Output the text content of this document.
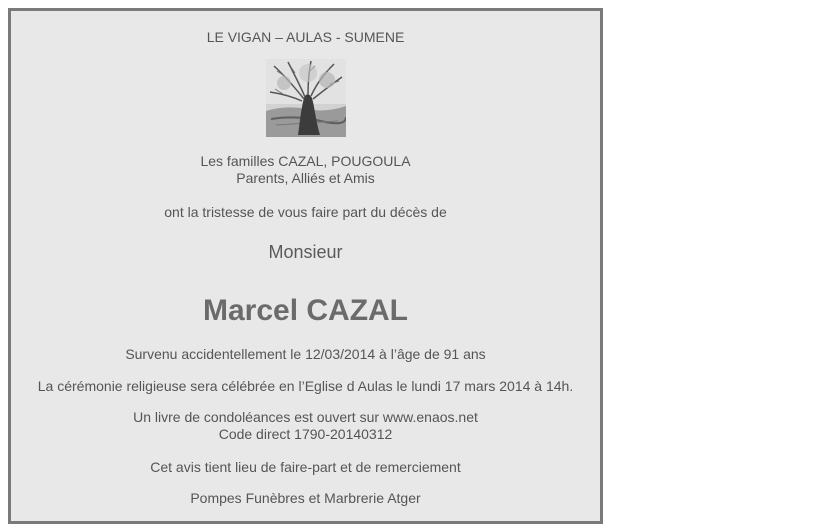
LE VIGAN – AULAS - SUMENE
Les familles CAZAL, POUGOULA
Parents, Alliés et Amis
ont la tristesse de vous faire part du décès de
Monsieur
Marcel CAZAL
Survenu accidentellement le 12/03/2014 à l’âge de 91 ans
La cérémonie religieuse sera célébrée en l’Eglise d Aulas le lundi 17 mars 2014 à 14h.
Un livre de condoléances est ouvert sur www.enaos.net
Code direct 1790-20140312
Cet avis tient lieu de faire-part et de remerciement
Pompes Funèbres et Marbrerie Atger
